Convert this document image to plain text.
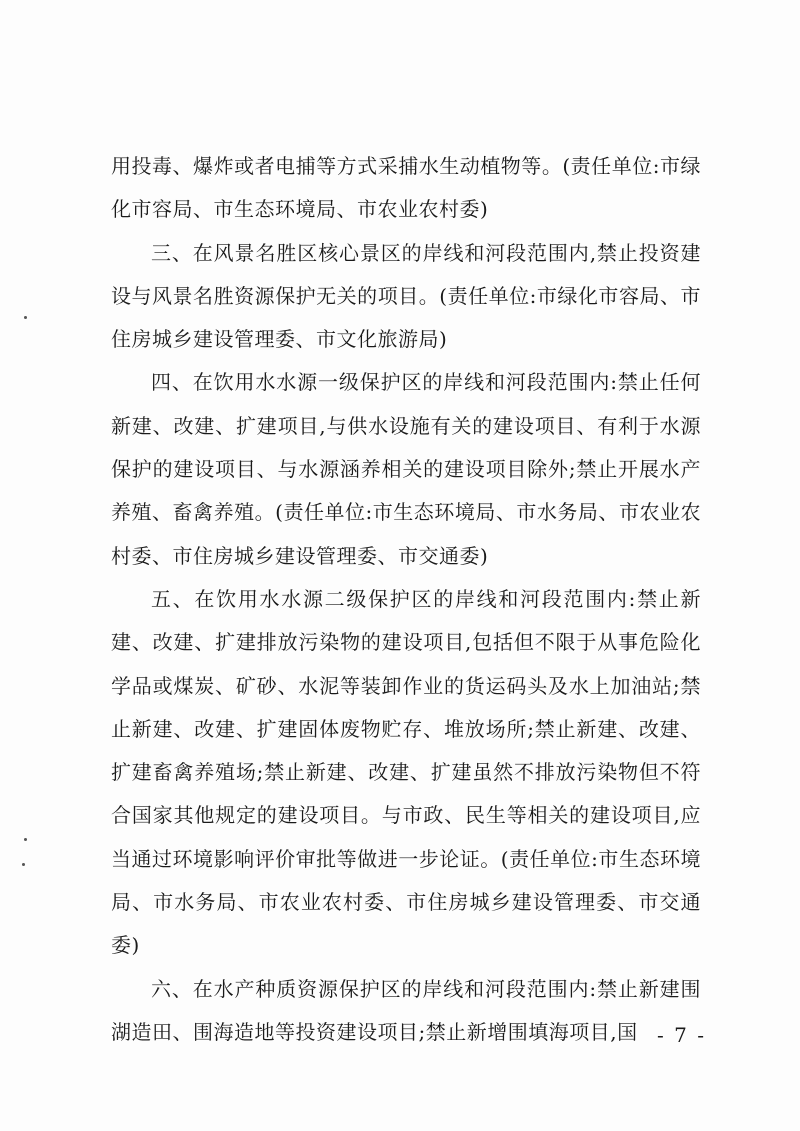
用投毒、爆炸或者电捕等方式采捕水生动植物等。(责任单位:市绿化市容局、市生态环境局、市农业农村委)

三、在风景名胜区核心景区的岸线和河段范围内,禁止投资建设与风景名胜资源保护无关的项目。(责任单位:市绿化市容局、市住房城乡建设管理委、市文化旅游局)

四、在饮用水水源一级保护区的岸线和河段范围内:禁止任何新建、改建、扩建项目,与供水设施有关的建设项目、有利于水源保护的建设项目、与水源涵养相关的建设项目除外;禁止开展水产养殖、畜禽养殖。(责任单位:市生态环境局、市水务局、市农业农村委、市住房城乡建设管理委、市交通委)

五、在饮用水水源二级保护区的岸线和河段范围内:禁止新建、改建、扩建排放污染物的建设项目,包括但不限于从事危险化学品或煤炭、矿砂、水泥等装卸作业的货运码头及水上加油站;禁止新建、改建、扩建固体废物贮存、堆放场所;禁止新建、改建、扩建畜禽养殖场;禁止新建、改建、扩建虽然不排放污染物但不符合国家其他规定的建设项目。与市政、民生等相关的建设项目,应当通过环境影响评价审批等做进一步论证。(责任单位:市生态环境局、市水务局、市农业农村委、市住房城乡建设管理委、市交通委)

六、在水产种质资源保护区的岸线和河段范围内:禁止新建围湖造田、围海造地等投资建设项目;禁止新增围填海项目,国 - 7 -
